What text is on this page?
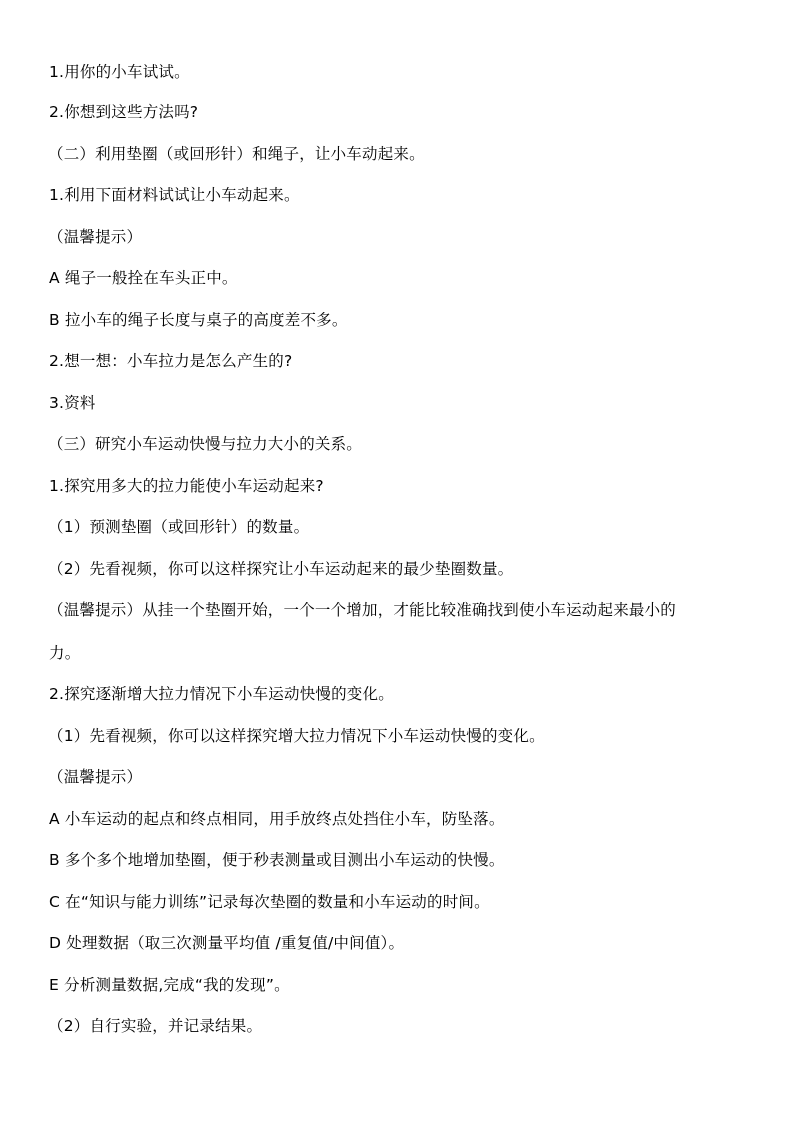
1.用你的小车试试。
2.你想到这些方法吗?
（二）利用垫圈（或回形针）和绳子，让小车动起来。
1.利用下面材料试试让小车动起来。
（温馨提示）
A 绳子一般拴在车头正中。
B 拉小车的绳子长度与桌子的高度差不多。
2.想一想：小车拉力是怎么产生的?
3.资料
（三）研究小车运动快慢与拉力大小的关系。
1.探究用多大的拉力能使小车运动起来?
（1）预测垫圈（或回形针）的数量。
（2）先看视频，你可以这样探究让小车运动起来的最少垫圈数量。
（温馨提示）从挂一个垫圈开始，一个一个增加，才能比较准确找到使小车运动起来最小的
力。
2.探究逐渐增大拉力情况下小车运动快慢的变化。
（1）先看视频，你可以这样探究增大拉力情况下小车运动快慢的变化。
（温馨提示）
A 小车运动的起点和终点相同，用手放终点处挡住小车，防坠落。
B 多个多个地增加垫圈，便于秒表测量或目测出小车运动的快慢。
C 在“知识与能力训练”记录每次垫圈的数量和小车运动的时间。
D 处理数据（取三次测量平均值 /重复值/中间值）。
E 分析测量数据,完成“我的发现”。
（2）自行实验，并记录结果。
